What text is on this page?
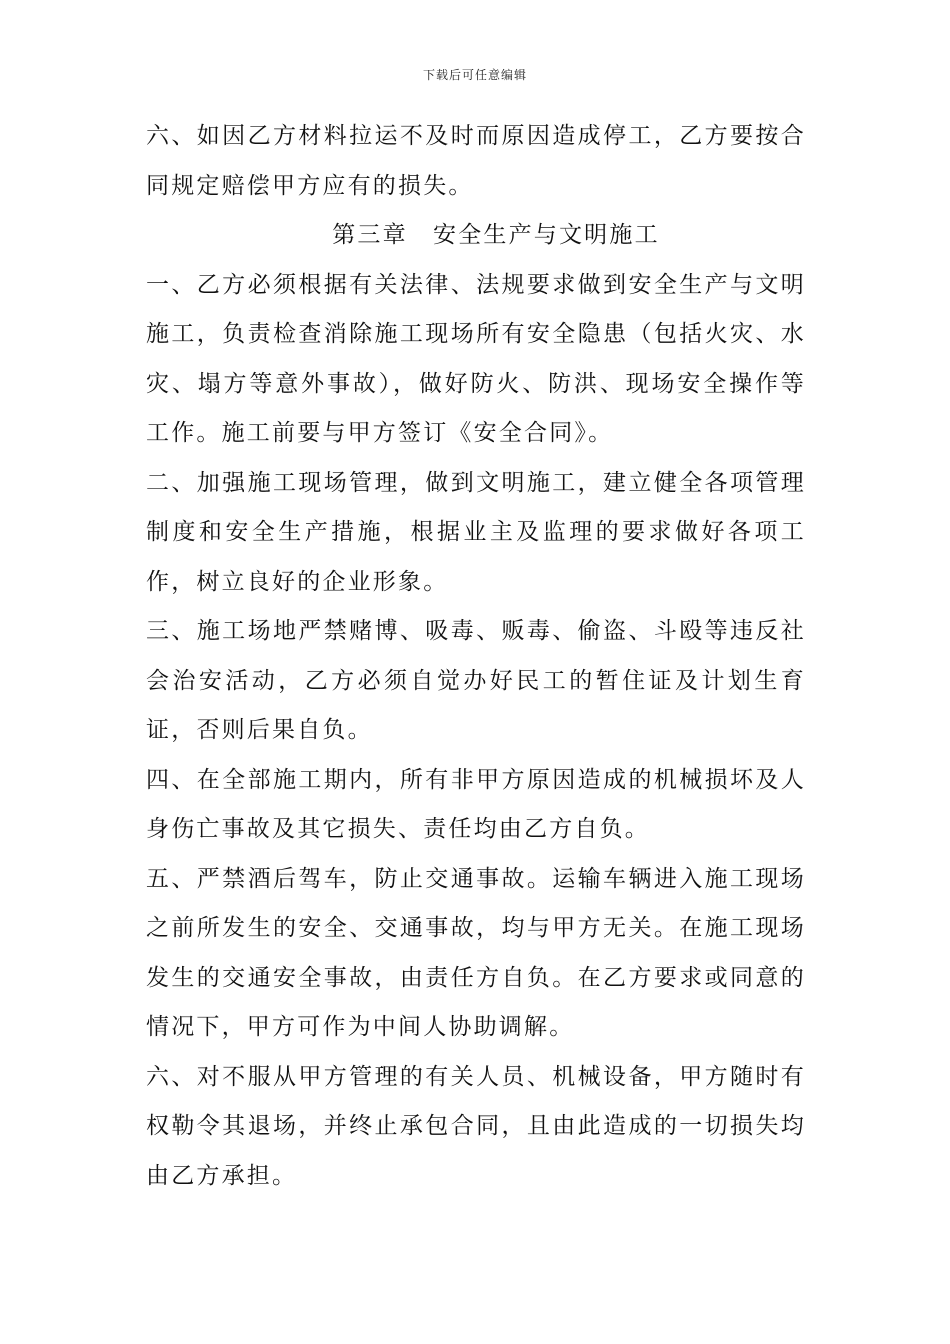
下载后可任意编辑

六、如因乙方材料拉运不及时而原因造成停工，乙方要按合同规定赔偿甲方应有的损失。

第三章　安全生产与文明施工

一、乙方必须根据有关法律、法规要求做到安全生产与文明施工，负责检查消除施工现场所有安全隐患（包括火灾、水灾、塌方等意外事故），做好防火、防洪、现场安全操作等工作。施工前要与甲方签订《安全合同》。

二、加强施工现场管理，做到文明施工，建立健全各项管理制度和安全生产措施，根据业主及监理的要求做好各项工作，树立良好的企业形象。

三、施工场地严禁赌博、吸毒、贩毒、偷盗、斗殴等违反社会治安活动，乙方必须自觉办好民工的暂住证及计划生育证，否则后果自负。

四、在全部施工期内，所有非甲方原因造成的机械损坏及人身伤亡事故及其它损失、责任均由乙方自负。

五、严禁酒后驾车，防止交通事故。运输车辆进入施工现场之前所发生的安全、交通事故，均与甲方无关。在施工现场发生的交通安全事故，由责任方自负。在乙方要求或同意的情况下，甲方可作为中间人协助调解。

六、对不服从甲方管理的有关人员、机械设备，甲方随时有权勒令其退场，并终止承包合同，且由此造成的一切损失均由乙方承担。
